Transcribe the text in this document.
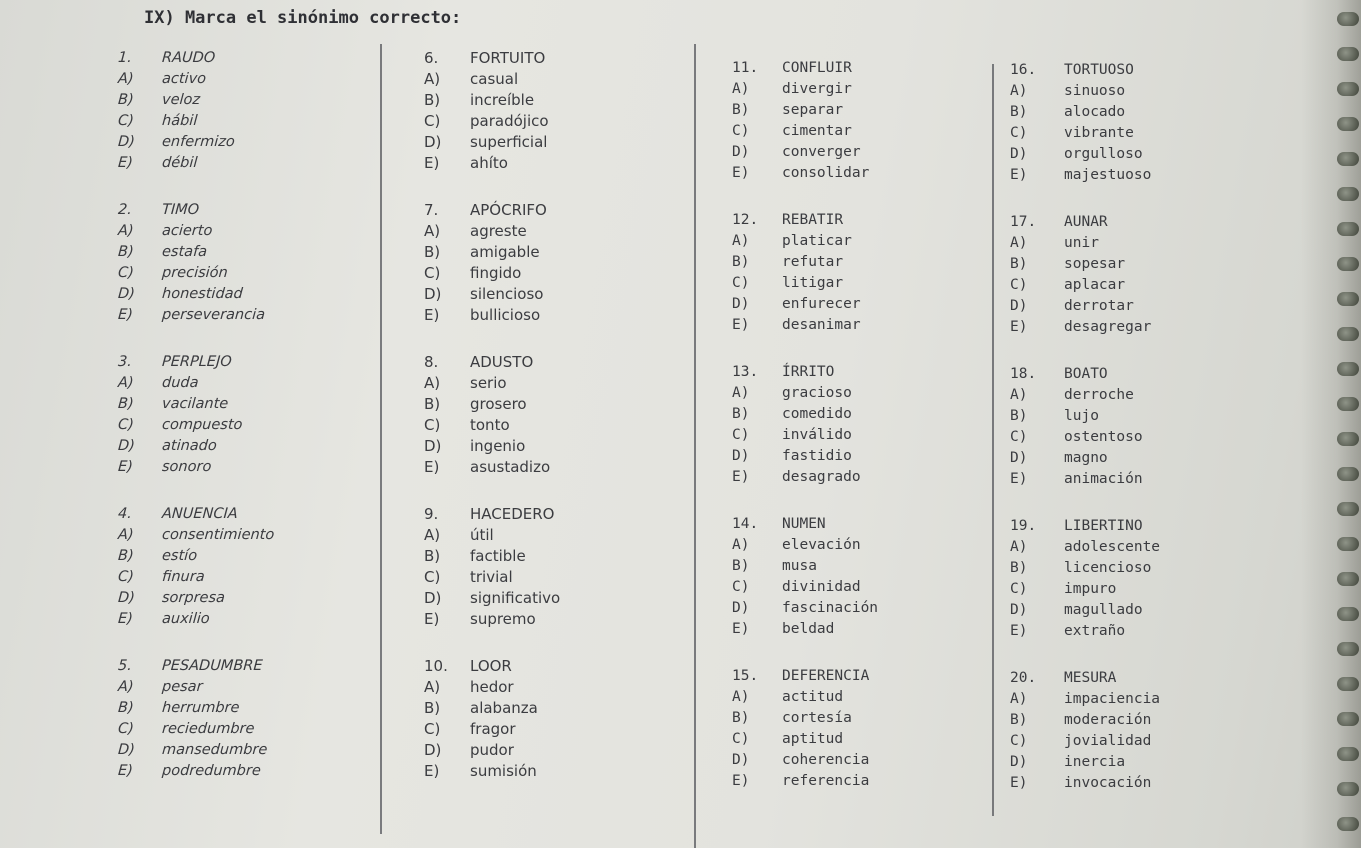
IX) Marca el sinónimo correcto:
1. RAUDO
A) activo
B) veloz
C) hábil
D) enfermizo
E) débil
2. TIMO
A) acierto
B) estafa
C) precisión
D) honestidad
E) perseverancia
3. PERPLEJO
A) duda
B) vacilante
C) compuesto
D) atinado
E) sonoro
4. ANUENCIA
A) consentimiento
B) estío
C) finura
D) sorpresa
E) auxilio
5. PESADUMBRE
A) pesar
B) herrumbre
C) reciedumbre
D) mansedumbre
E) podredumbre
6. FORTUITO
A) casual
B) increíble
C) paradójico
D) superficial
E) ahíto
7. APÓCRIFO
A) agreste
B) amigable
C) fingido
D) silencioso
E) bullicioso
8. ADUSTO
A) serio
B) grosero
C) tonto
D) ingenio
E) asustadizo
9. HACEDERO
A) útil
B) factible
C) trivial
D) significativo
E) supremo
10. LOOR
A) hedor
B) alabanza
C) fragor
D) pudor
E) sumisión
11. CONFLUIR
A) divergir
B) separar
C) cimentar
D) converger
E) consolidar
12. REBATIR
A) platicar
B) refutar
C) litigar
D) enfurecer
E) desanimar
13. ÍRRITO
A) gracioso
B) comedido
C) inválido
D) fastidio
E) desagrado
14. NUMEN
A) elevación
B) musa
C) divinidad
D) fascinación
E) beldad
15. DEFERENCIA
A) actitud
B) cortesía
C) aptitud
D) coherencia
E) referencia
16. TORTUOSO
A)	sinuoso
B)	alocado
C)	vibrante
D)	orgulloso
E)	majestuoso
17. AUNAR
A)	unir
B)	sopesar
C)	aplacar
D)	derrotar
E)	desagregar
18. BOATO
A)	derroche
B)	lujo
C)	ostentoso
D)	magno
E)	animación
19. LIBERTINO
A)	adolescente
B)	licencioso
C)	impuro
D)	magullado
E)	extraño
20. MESURA
A)	impaciencia
B)	moderación
C)	jovialidad
D)	inercia
E)	invocación
